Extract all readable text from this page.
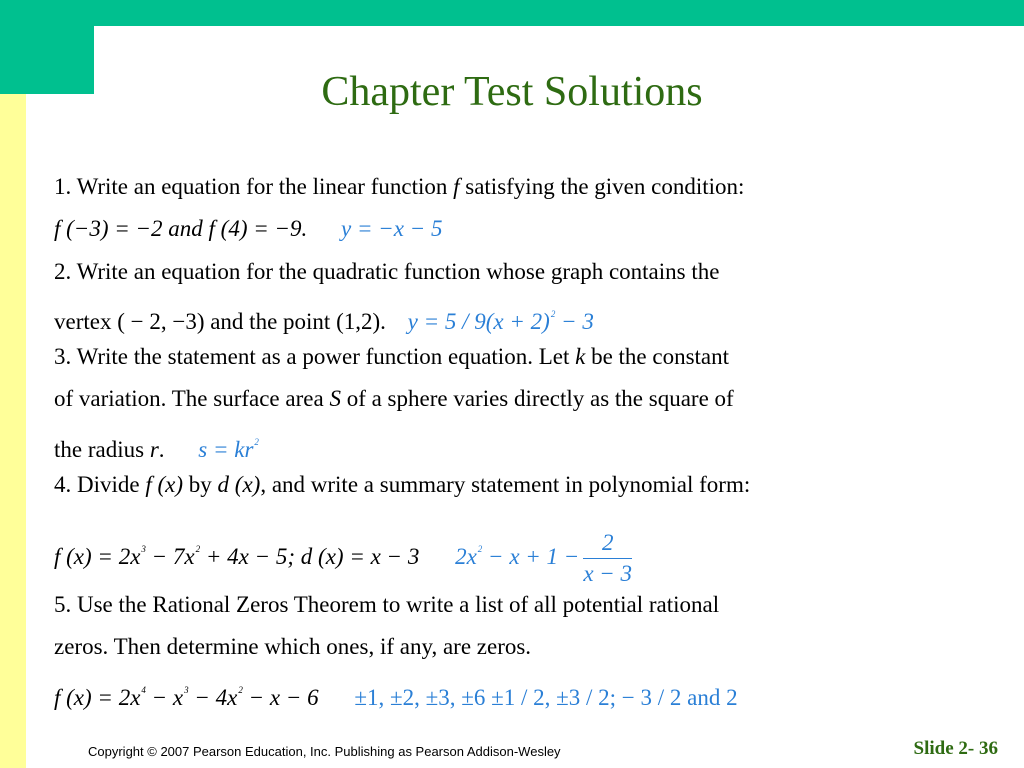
Chapter Test Solutions
1. Write an equation for the linear function f satisfying the given condition:
f (−3) = −2 and f (4) = −9. y = −x − 5
2. Write an equation for the quadratic function whose graph contains the
vertex ( − 2, −3) and the point (1,2). $y = 5 / 9(x + 2)^2 - 3$
3. Write the statement as a power function equation. Let k be the constant
of variation. The surface area S of a sphere varies directly as the square of
the radius r. $s = kr^2$
4. Divide f (x) by d (x), and write a summary statement in polynomial form:
f $(x) = 2x^3 - 7x^2 + 4x - 5$; d (x) = x − 3 $2x^2 - x + 1 - \frac{2}{x - 3}$
5. Use the Rational Zeros Theorem to write a list of all potential rational
zeros. Then determine which ones, if any, are zeros.
f $(x) = 2x^4 - x^3 - 4x^2 - x - 6 \pm 1$, ±2, ±3, ±6 ±1 / 2, ±3 / 2; − 3 / 2 and 2
Copyright © 2007 Pearson Education, Inc. Publishing as Pearson Addison-Wesley	Slide 2- 36
